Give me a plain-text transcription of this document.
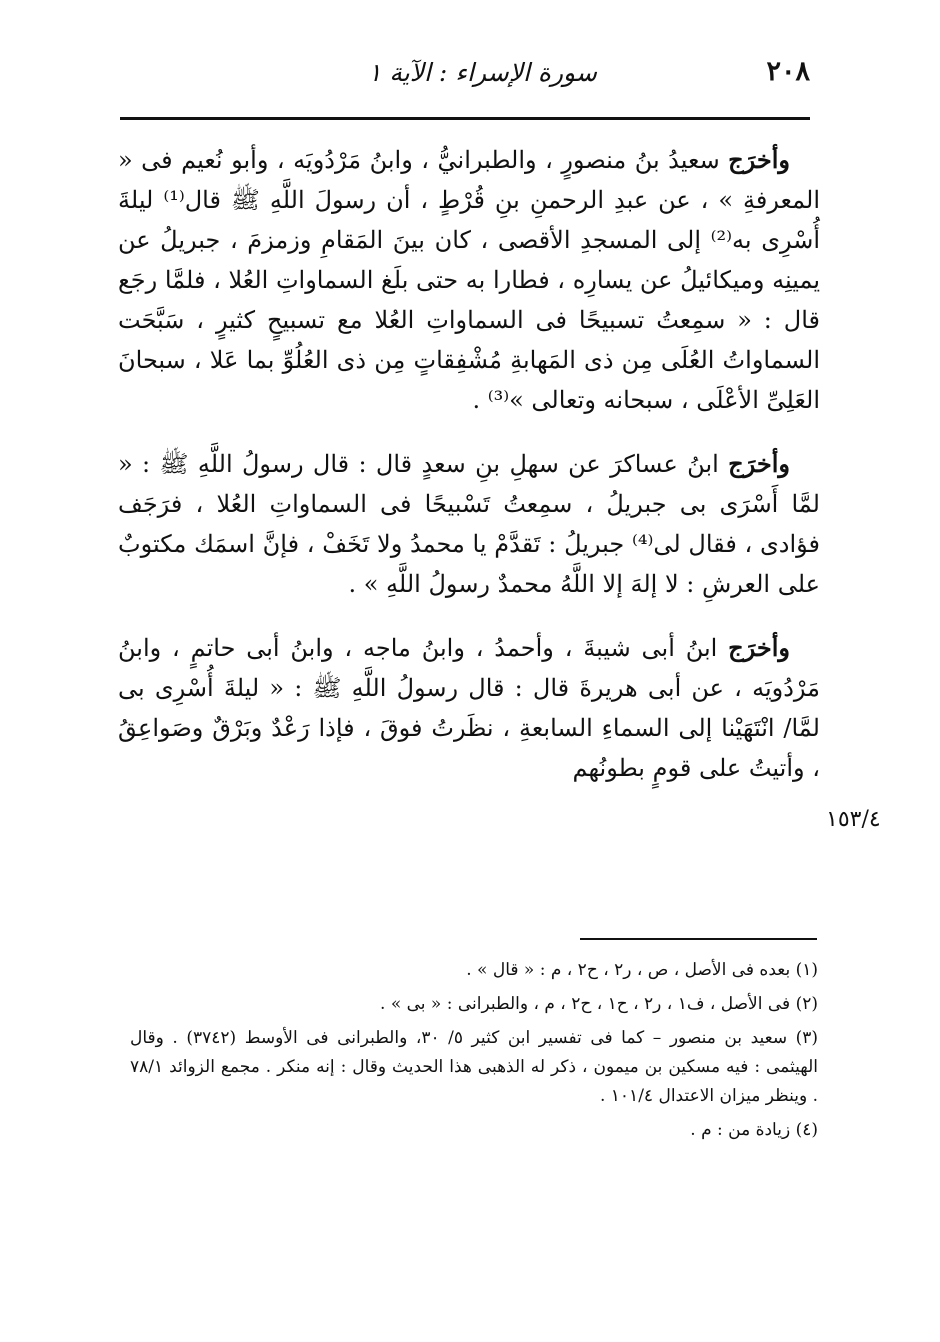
٢٠٨
سورة الإسراء : الآية ١

وأخرَج سعيدُ بنُ منصورٍ ، والطبرانيُّ ، وابنُ مَرْدُويَه ، وأبو نُعيم فى « المعرفةِ » ، عن عبدِ الرحمنِ بنِ قُرْطٍ ، أن رسولَ اللَّهِ ﷺ قال⁽¹⁾ ليلةَ أُسْرِى به⁽²⁾ إلى المسجدِ الأقصى ، كان بينَ المَقامِ وزمزمَ ، جبريلُ عن يمينِه وميكائيلُ عن يسارِه ، فطارا به حتى بلَغ السماواتِ العُلا ، فلمَّا رجَع قال : « سمِعتُ تسبيحًا فى السماواتِ العُلا مع تسبيحٍ كثيرٍ ، سَبَّحَت السماواتُ العُلَى مِن ذى المَهابةِ مُشْفِقاتٍ مِن ذى العُلُوِّ بما عَلا ، سبحانَ العَلِىِّ الأعْلَى ، سبحانه وتعالى »⁽³⁾ .

وأخرَج ابنُ عساكرَ عن سهلِ بنِ سعدٍ قال : قال رسولُ اللَّهِ ﷺ : « لمَّا أَسْرَى بى جبريلُ ، سمِعتُ تَسْبيحًا فى السماواتِ العُلا ، فرَجَف فؤادى ، فقال لى⁽⁴⁾ جبريلُ : تَقدَّمْ يا محمدُ ولا تَخَفْ ، فإنَّ اسمَك مكتوبٌ على العرشِ : لا إلهَ إلا اللَّهُ محمدٌ رسولُ اللَّهِ » .

وأخرَج ابنُ أبى شيبةَ ، وأحمدُ ، وابنُ ماجه ، وابنُ أبى حاتمٍ ، وابنُ مَرْدُويَه ، عن أبى هريرةَ قال : قال رسولُ اللَّهِ ﷺ : « ليلةَ أُسْرِى بى لمَّا/ انْتَهَيْنا إلى السماءِ السابعةِ ، نظَرتُ فوقَ ، فإذا رَعْدٌ وبَرْقٌ وصَواعِقُ ، وأتيتُ على قومٍ بطونُهم

١٥٣/٤

(١) بعده فى الأصل ، ص ، ر٢ ، ح٢ ، م : « قال » .

(٢) فى الأصل ، ف١ ، ر٢ ، ح١ ، ح٢ ، م ، والطبرانى : « بى » .

(٣) سعيد بن منصور – كما فى تفسير ابن كثير ٥/ ٣٠، والطبرانى فى الأوسط (٣٧٤٢) . وقال الهيثمى : فيه مسكين بن ميمون ، ذكر له الذهبى هذا الحديث وقال : إنه منكر . مجمع الزوائد ٧٨/١ . وينظر ميزان الاعتدال ١٠١/٤ .

(٤) زيادة من : م .
